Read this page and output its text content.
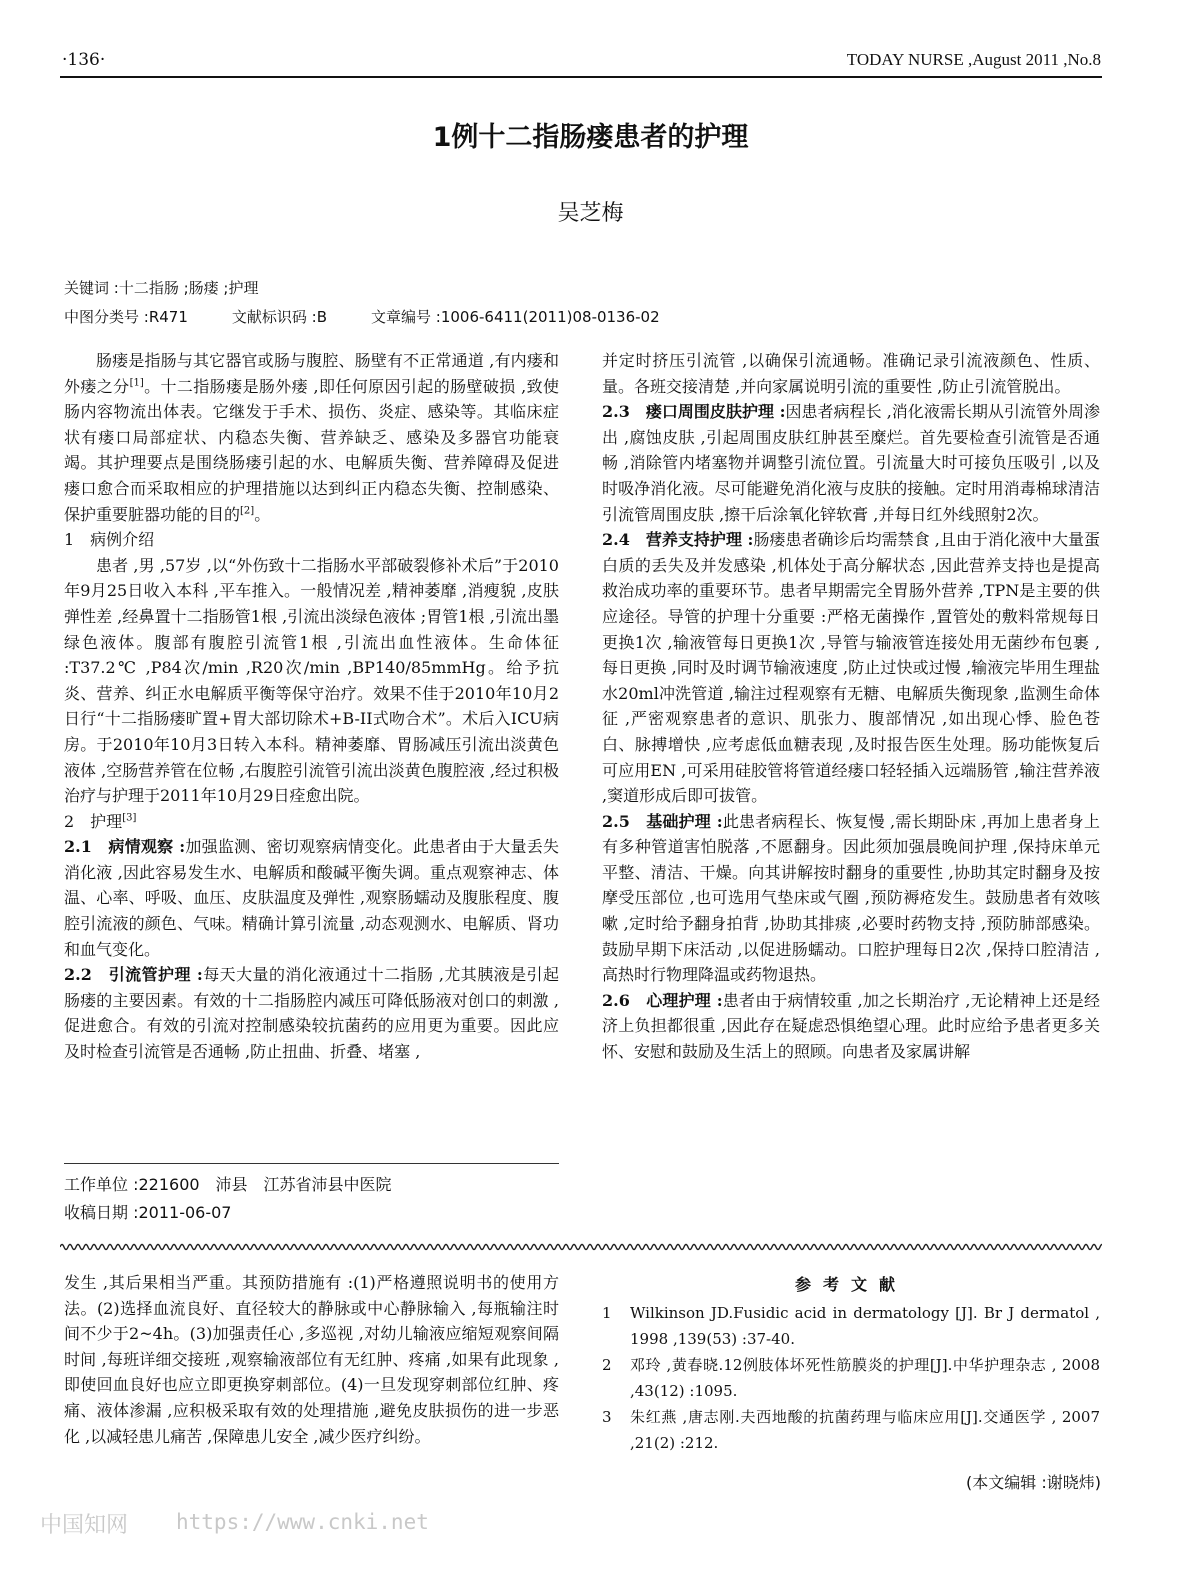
·136·	TODAY NURSE ,August 2011 ,No.8
1例十二指肠瘘患者的护理
吴芝梅
关键词 :十二指肠 ;肠瘘 ;护理
中图分类号 :R471	文献标识码 :B	文章编号 :1006-6411(2011)08-0136-02

肠瘘是指肠与其它器官或肠与腹腔、肠壁有不正常通道 ,有内瘘和外瘘之分[1]。十二指肠瘘是肠外瘘 ,即任何原因引起的肠壁破损 ,致使肠内容物流出体表。它继发于手术、损伤、炎症、感染等。其临床症状有瘘口局部症状、内稳态失衡、营养缺乏、感染及多器官功能衰竭。其护理要点是围绕肠瘘引起的水、电解质失衡、营养障碍及促进瘘口愈合而采取相应的护理措施以达到纠正内稳态失衡、控制感染、保护重要脏器功能的目的[2]。

1　病例介绍

患者 ,男 ,57岁 ,以“外伤致十二指肠水平部破裂修补术后”于2010年9月25日收入本科 ,平车推入。一般情况差 ,精神萎靡 ,消瘦貌 ,皮肤弹性差 ,经鼻置十二指肠管1根 ,引流出淡绿色液体 ;胃管1根 ,引流出墨绿色液体。腹部有腹腔引流管1根 ,引流出血性液体。生命体征 :T37.2℃ ,P84次/min ,R20次/min ,BP140/85mmHg。给予抗炎、营养、纠正水电解质平衡等保守治疗。效果不佳于2010年10月2日行“十二指肠瘘旷置+胃大部切除术+B-II式吻合术”。术后入ICU病房。于2010年10月3日转入本科。精神萎靡、胃肠减压引流出淡黄色液体 ,空肠营养管在位畅 ,右腹腔引流管引流出淡黄色腹腔液 ,经过积极治疗与护理于2011年10月29日痊愈出院。

2　护理[3]

2.1　病情观察 :加强监测、密切观察病情变化。此患者由于大量丢失消化液 ,因此容易发生水、电解质和酸碱平衡失调。重点观察神志、体温、心率、呼吸、血压、皮肤温度及弹性 ,观察肠蠕动及腹胀程度、腹腔引流液的颜色、气味。精确计算引流量 ,动态观测水、电解质、肾功和血气变化。

2.2　引流管护理 :每天大量的消化液通过十二指肠 ,尤其胰液是引起肠瘘的主要因素。有效的十二指肠腔内减压可降低肠液对创口的刺激 ,促进愈合。有效的引流对控制感染较抗菌药的应用更为重要。因此应及时检查引流管是否通畅 ,防止扭曲、折叠、堵塞 ,

并定时挤压引流管 ,以确保引流通畅。准确记录引流液颜色、性质、量。各班交接清楚 ,并向家属说明引流的重要性 ,防止引流管脱出。

2.3　瘘口周围皮肤护理 :因患者病程长 ,消化液需长期从引流管外周渗出 ,腐蚀皮肤 ,引起周围皮肤红肿甚至糜烂。首先要检查引流管是否通畅 ,消除管内堵塞物并调整引流位置。引流量大时可接负压吸引 ,以及时吸净消化液。尽可能避免消化液与皮肤的接触。定时用消毒棉球清洁引流管周围皮肤 ,擦干后涂氧化锌软膏 ,并每日红外线照射2次。

2.4　营养支持护理 :肠瘘患者确诊后均需禁食 ,且由于消化液中大量蛋白质的丢失及并发感染 ,机体处于高分解状态 ,因此营养支持也是提高救治成功率的重要环节。患者早期需完全胃肠外营养 ,TPN是主要的供应途径。导管的护理十分重要 :严格无菌操作 ,置管处的敷料常规每日更换1次 ,输液管每日更换1次 ,导管与输液管连接处用无菌纱布包裹 ,每日更换 ,同时及时调节输液速度 ,防止过快或过慢 ,输液完毕用生理盐水20ml冲洗管道 ,输注过程观察有无糖、电解质失衡现象 ,监测生命体征 ,严密观察患者的意识、肌张力、腹部情况 ,如出现心悸、脸色苍白、脉搏增快 ,应考虑低血糖表现 ,及时报告医生处理。肠功能恢复后可应用EN ,可采用硅胶管将管道经瘘口轻轻插入远端肠管 ,输注营养液 ,窦道形成后即可拔管。

2.5　基础护理 :此患者病程长、恢复慢 ,需长期卧床 ,再加上患者身上有多种管道害怕脱落 ,不愿翻身。因此须加强晨晚间护理 ,保持床单元平整、清洁、干燥。向其讲解按时翻身的重要性 ,协助其定时翻身及按摩受压部位 ,也可选用气垫床或气圈 ,预防褥疮发生。鼓励患者有效咳嗽 ,定时给予翻身拍背 ,协助其排痰 ,必要时药物支持 ,预防肺部感染。鼓励早期下床活动 ,以促进肠蠕动。口腔护理每日2次 ,保持口腔清洁 ,高热时行物理降温或药物退热。

2.6　心理护理 :患者由于病情较重 ,加之长期治疗 ,无论精神上还是经济上负担都很重 ,因此存在疑虑恐惧绝望心理。此时应给予患者更多关怀、安慰和鼓励及生活上的照顾。向患者及家属讲解

工作单位 :221600　沛县　江苏省沛县中医院
收稿日期 :2011-06-07
发生 ,其后果相当严重。其预防措施有 :(1)严格遵照说明书的使用方法。(2)选择血流良好、直径较大的静脉或中心静脉输入 ,每瓶输注时间不少于2~4h。(3)加强责任心 ,多巡视 ,对幼儿输液应缩短观察间隔时间 ,每班详细交接班 ,观察输液部位有无红肿、疼痛 ,如果有此现象 ,即使回血良好也应立即更换穿刺部位。(4)一旦发现穿刺部位红肿、疼痛、液体渗漏 ,应积极采取有效的处理措施 ,避免皮肤损伤的进一步恶化 ,以减轻患儿痛苦 ,保障患儿安全 ,减少医疗纠纷。
参考文献
1	Wilkinson JD.Fusidic acid in dermatology [J]. Br J dermatol , 1998 ,139(53) :37-40.
2	邓玲 ,黄春晓.12例肢体坏死性筋膜炎的护理[J].中华护理杂志 , 2008 ,43(12) :1095.
3	朱红燕 ,唐志刚.夫西地酸的抗菌药理与临床应用[J].交通医学 , 2007 ,21(2) :212.
(本文编辑 :谢晓炜)
中国知网 https://www.cnki.net
